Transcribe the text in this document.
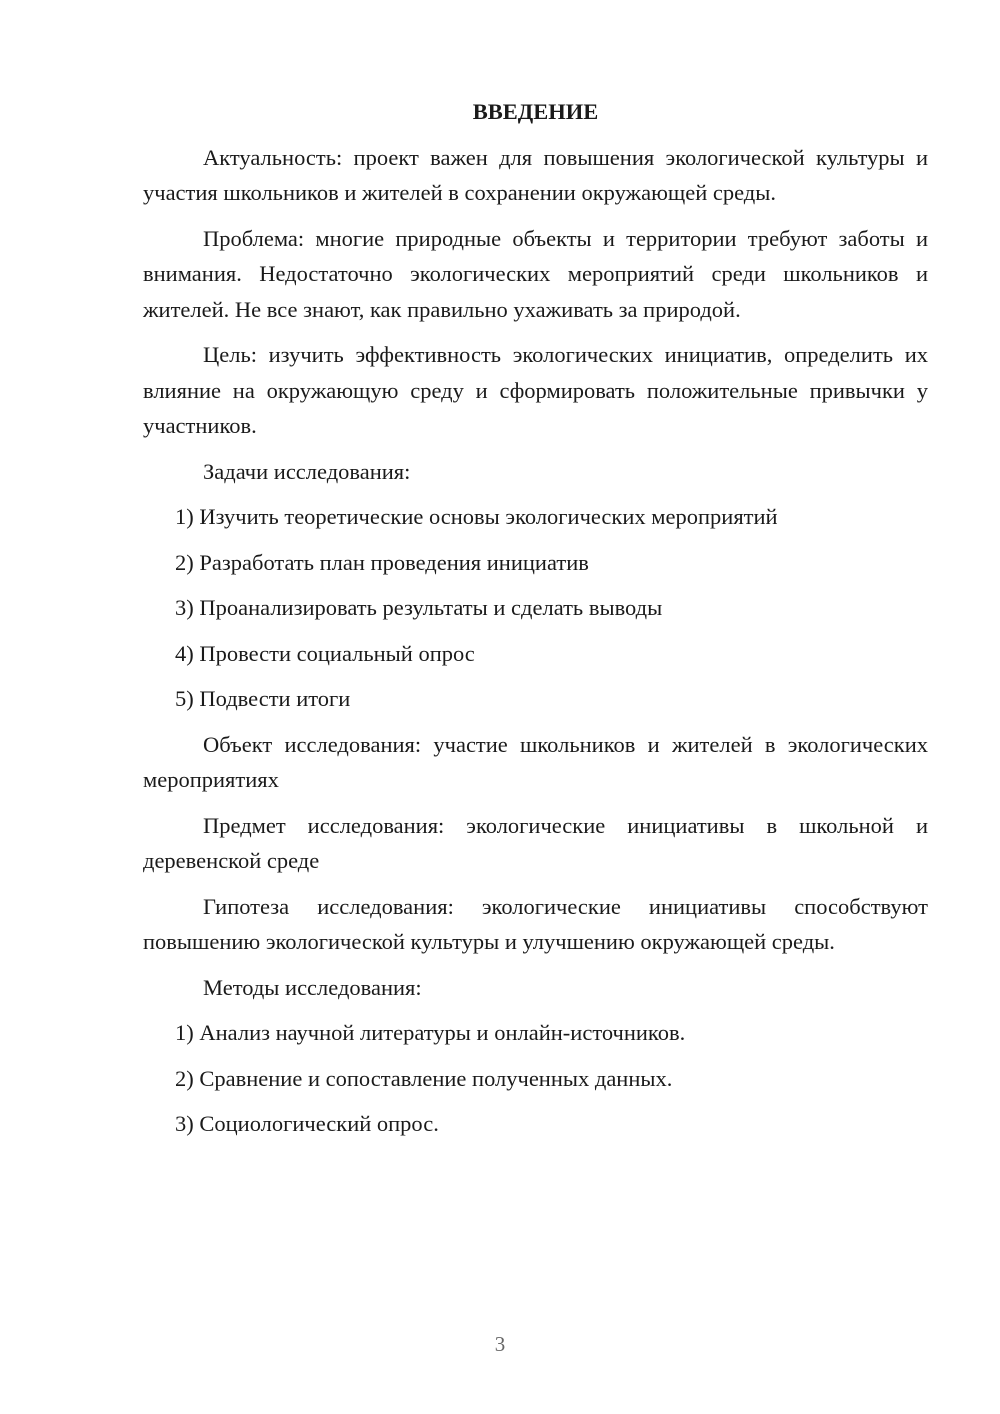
ВВЕДЕНИЕ

Актуальность: проект важен для повышения экологической культуры и участия школьников и жителей в сохранении окружающей среды.

Проблема: многие природные объекты и территории требуют заботы и внимания. Недостаточно экологических мероприятий среди школьников и жителей. Не все знают, как правильно ухаживать за природой.

Цель: изучить эффективность экологических инициатив, определить их влияние на окружающую среду и сформировать положительные привычки у участников.

Задачи исследования:

1) Изучить теоретические основы экологических мероприятий
2) Разработать план проведения инициатив
3) Проанализировать результаты и сделать выводы
4) Провести социальный опрос
5) Подвести итоги

Объект исследования: участие школьников и жителей в экологических мероприятиях

Предмет исследования: экологические инициативы в школьной и деревенской среде

Гипотеза исследования: экологические инициативы способствуют повышению экологической культуры и улучшению окружающей среды.

Методы исследования:

1) Анализ научной литературы и онлайн-источников.
2) Сравнение и сопоставление полученных данных.
3) Социологический опрос.
3
